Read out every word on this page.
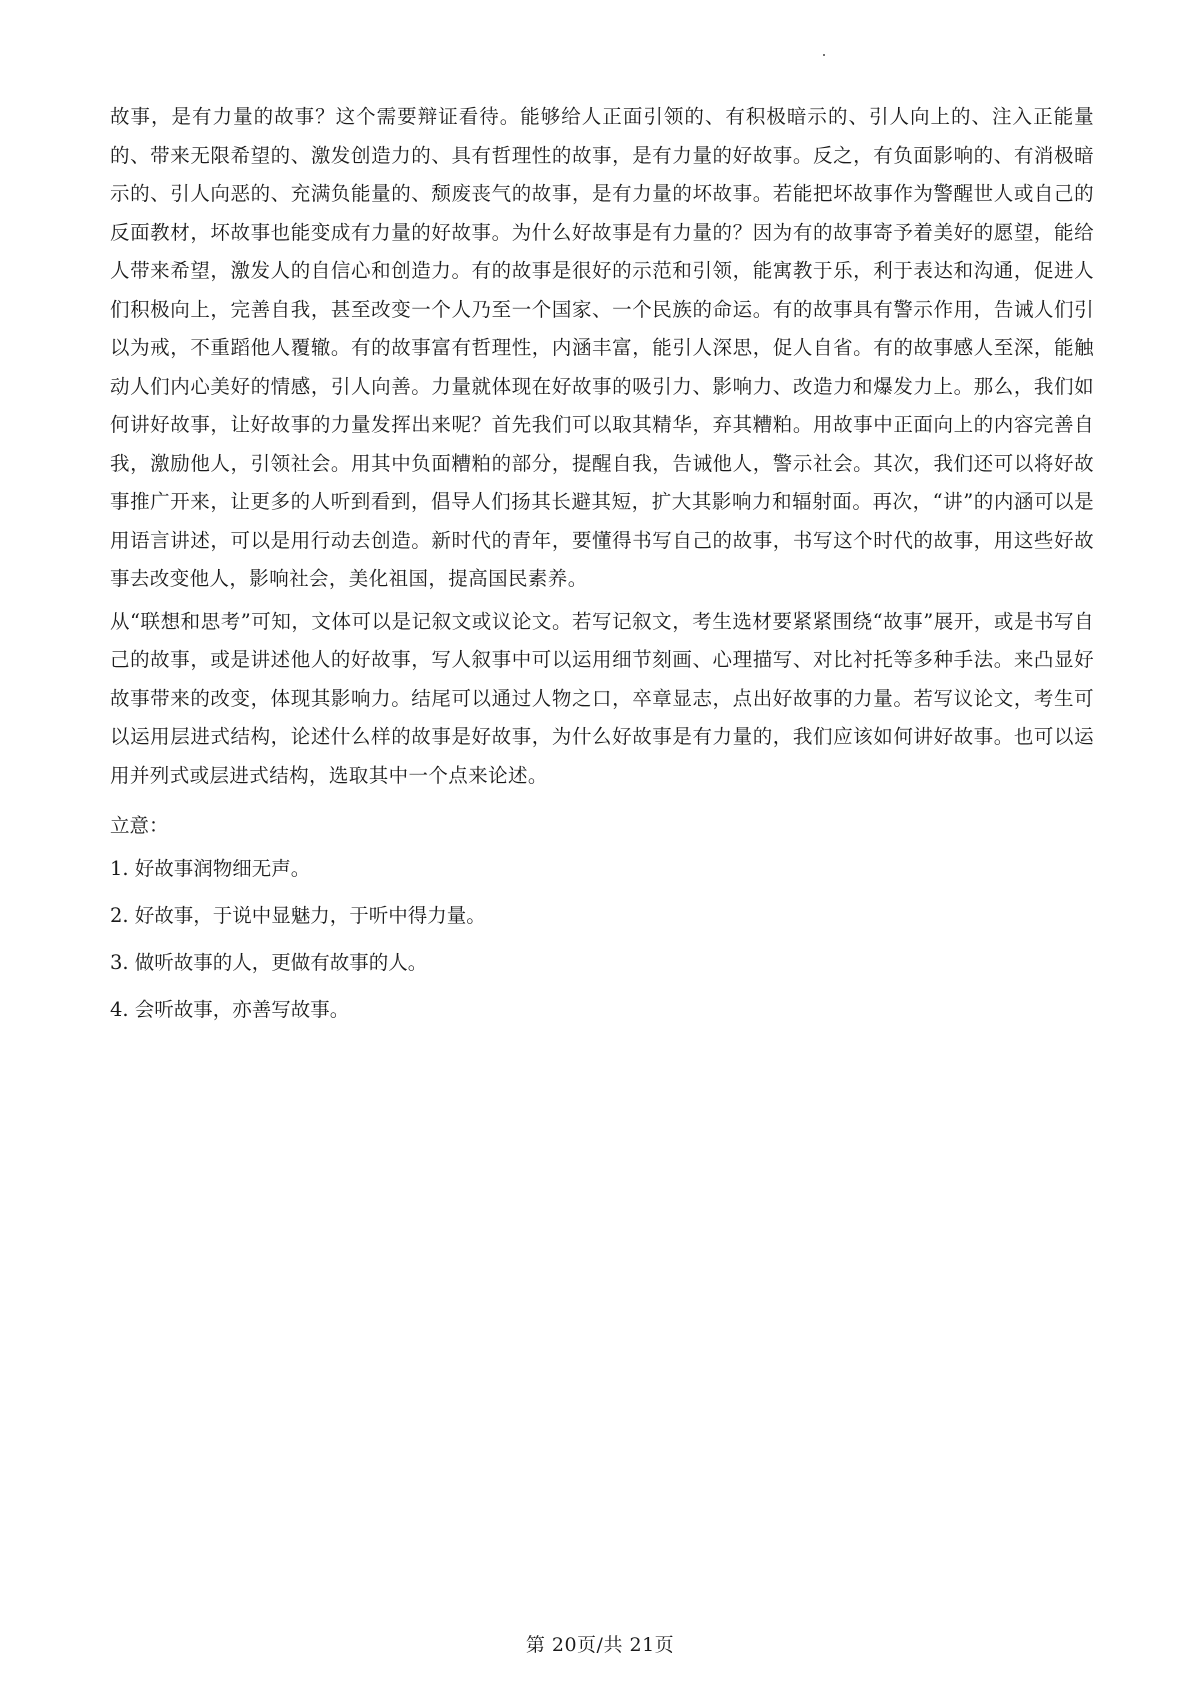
故事，是有力量的故事？这个需要辩证看待。能够给人正面引领的、有积极暗示的、引人向上的、注入正能量的、带来无限希望的、激发创造力的、具有哲理性的故事，是有力量的好故事。反之，有负面影响的、有消极暗示的、引人向恶的、充满负能量的、颓废丧气的故事，是有力量的坏故事。若能把坏故事作为警醒世人或自己的反面教材，坏故事也能变成有力量的好故事。为什么好故事是有力量的？因为有的故事寄予着美好的愿望，能给人带来希望，激发人的自信心和创造力。有的故事是很好的示范和引领，能寓教于乐，利于表达和沟通，促进人们积极向上，完善自我，甚至改变一个人乃至一个国家、一个民族的命运。有的故事具有警示作用，告诫人们引以为戒，不重蹈他人覆辙。有的故事富有哲理性，内涵丰富，能引人深思，促人自省。有的故事感人至深，能触动人们内心美好的情感，引人向善。力量就体现在好故事的吸引力、影响力、改造力和爆发力上。那么，我们如何讲好故事，让好故事的力量发挥出来呢？首先我们可以取其精华，弃其糟粕。用故事中正面向上的内容完善自我，激励他人，引领社会。用其中负面糟粕的部分，提醒自我，告诫他人，警示社会。其次，我们还可以将好故事推广开来，让更多的人听到看到，倡导人们扬其长避其短，扩大其影响力和辐射面。再次，“讲”的内涵可以是用语言讲述，可以是用行动去创造。新时代的青年，要懂得书写自己的故事，书写这个时代的故事，用这些好故事去改变他人，影响社会，美化祖国，提高国民素养。

从“联想和思考”可知，文体可以是记叙文或议论文。若写记叙文，考生选材要紧紧围绕“故事”展开，或是书写自己的故事，或是讲述他人的好故事，写人叙事中可以运用细节刻画、心理描写、对比衬托等多种手法。来凸显好故事带来的改变，体现其影响力。结尾可以通过人物之口，卒章显志，点出好故事的力量。若写议论文，考生可以运用层进式结构，论述什么样的故事是好故事，为什么好故事是有力量的，我们应该如何讲好故事。也可以运用并列式或层进式结构，选取其中一个点来论述。

立意：

1. 好故事润物细无声。
2. 好故事，于说中显魅力，于听中得力量。
3. 做听故事的人，更做有故事的人。
4. 会听故事，亦善写故事。
第 20页/共 21页
